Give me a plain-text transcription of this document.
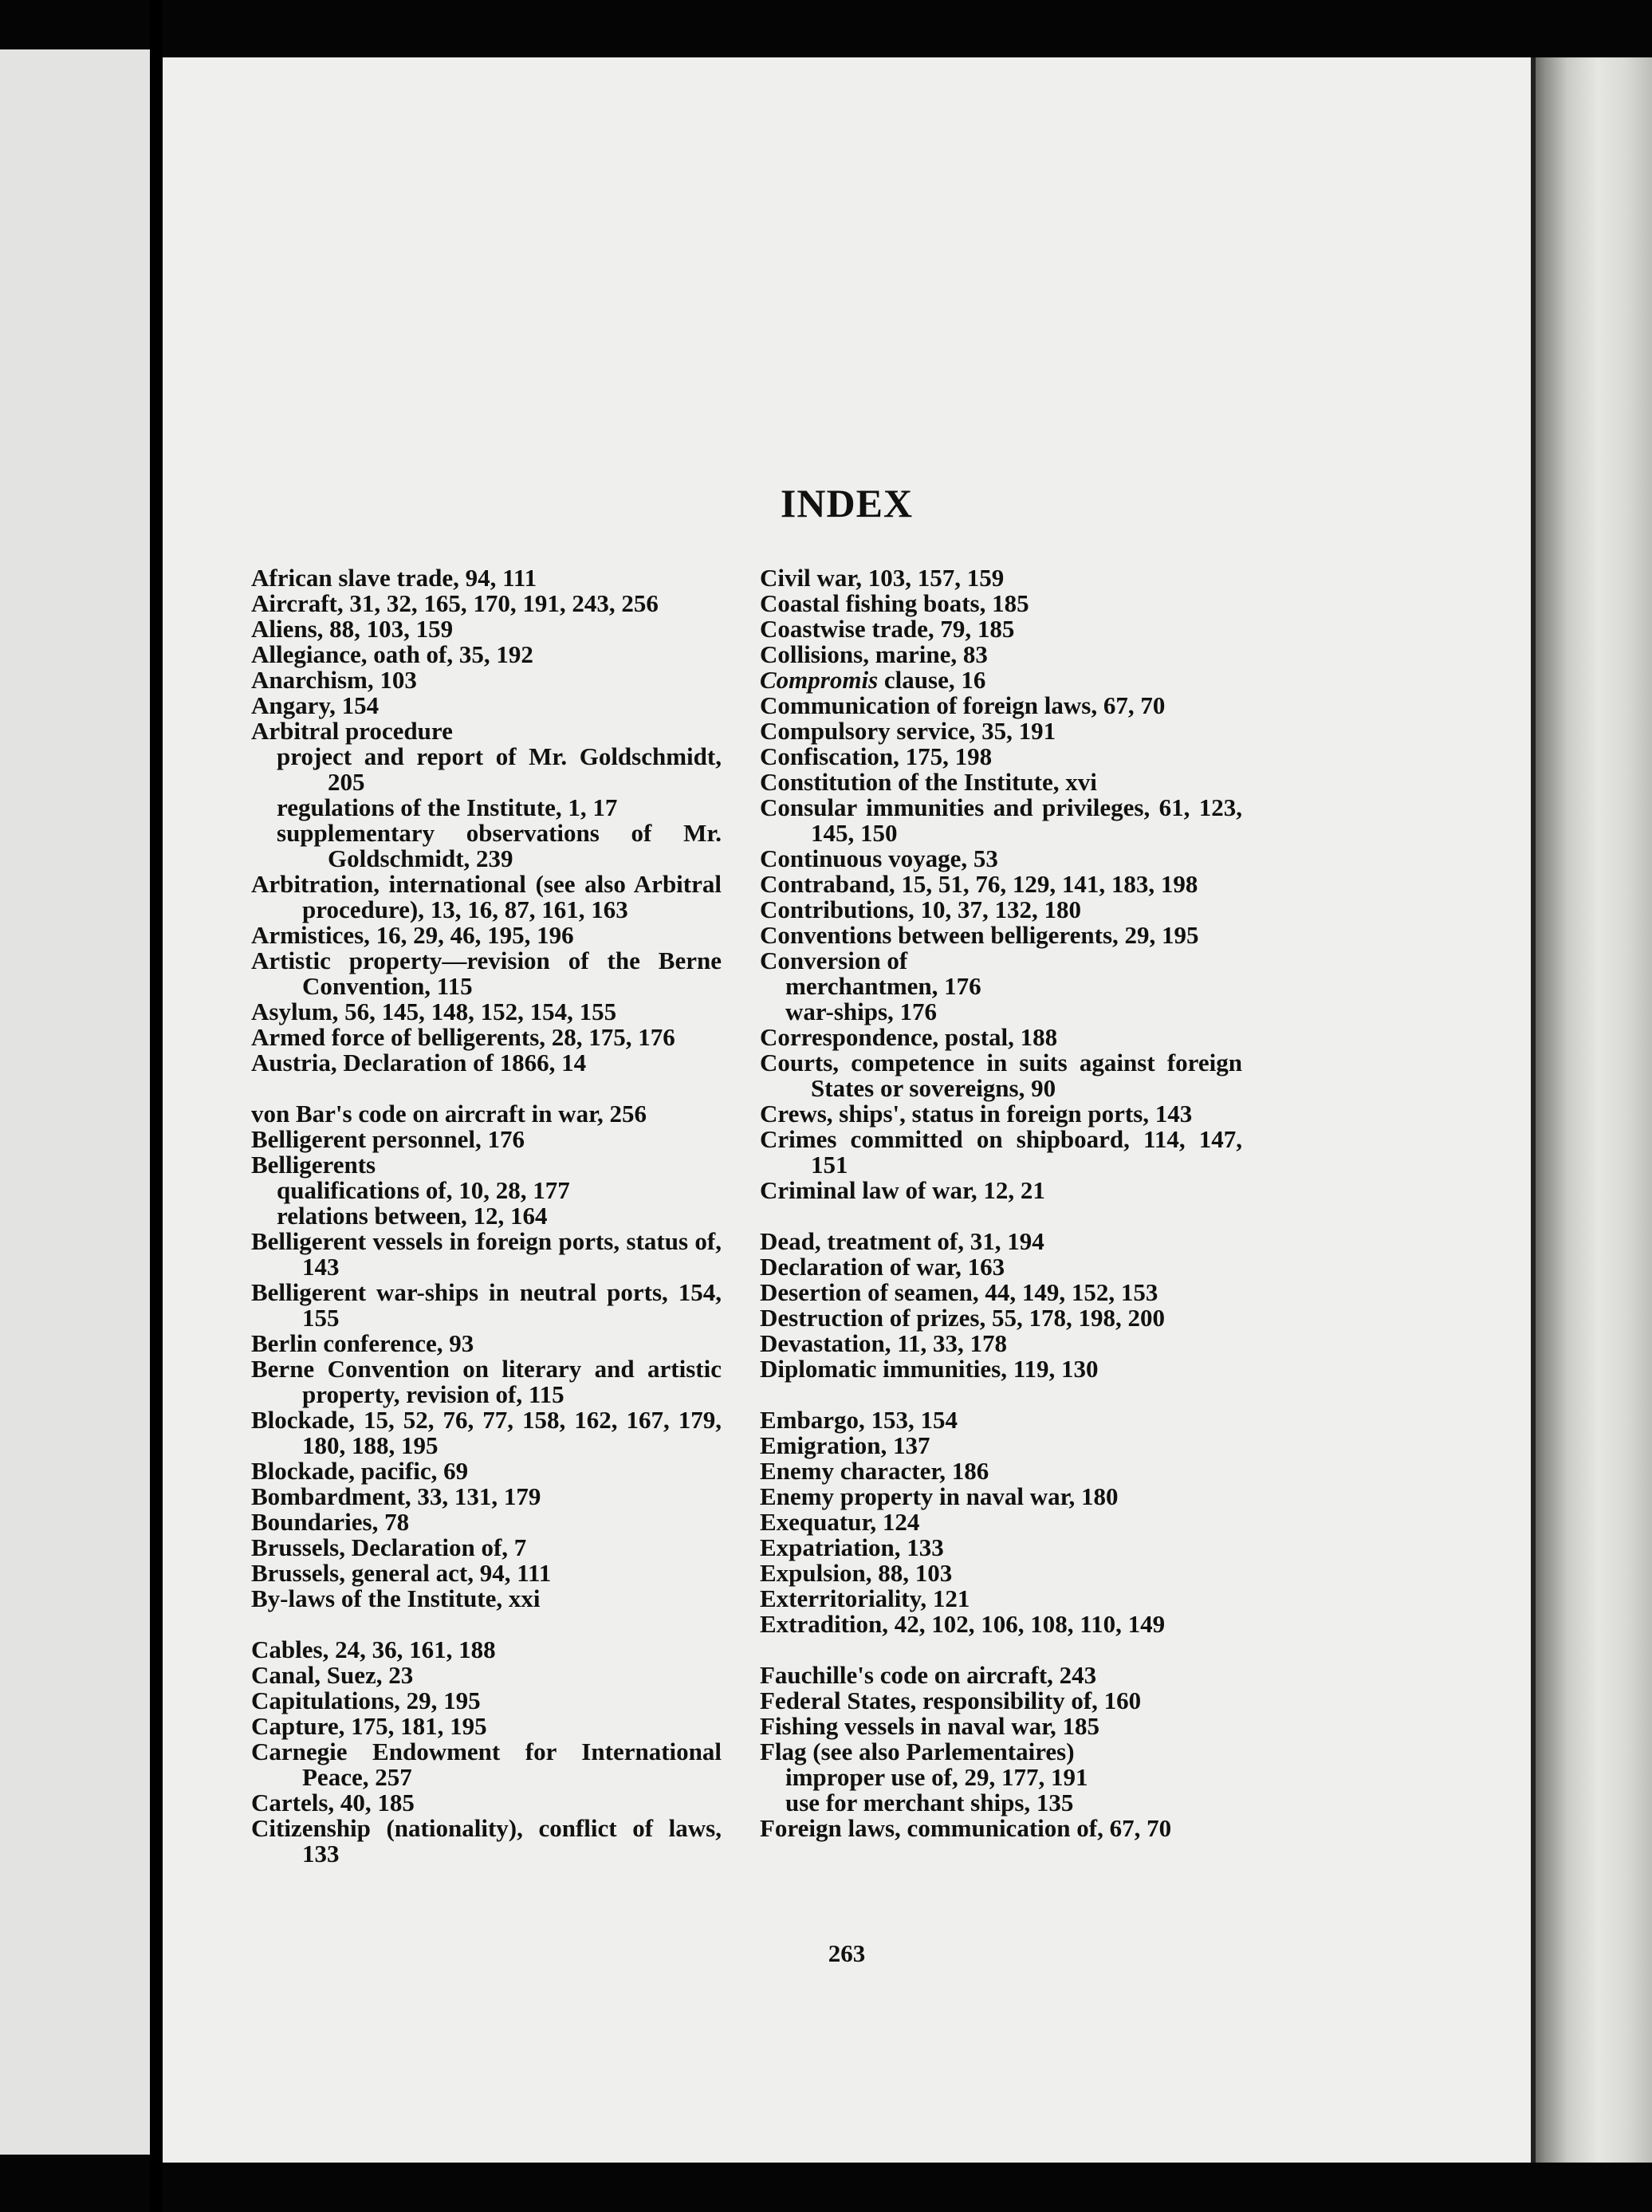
INDEX
African slave trade, 94, 111
Aircraft, 31, 32, 165, 170, 191, 243, 256
Aliens, 88, 103, 159
Allegiance, oath of, 35, 192
Anarchism, 103
Angary, 154
Arbitral procedure
project and report of Mr. Goldschmidt, 205
regulations of the Institute, 1, 17
supplementary observations of Mr. Goldschmidt, 239
Arbitration, international (see also Arbitral procedure), 13, 16, 87, 161, 163
Armistices, 16, 29, 46, 195, 196
Artistic property—revision of the Berne Convention, 115
Asylum, 56, 145, 148, 152, 154, 155
Armed force of belligerents, 28, 175, 176
Austria, Declaration of 1866, 14
von Bar's code on aircraft in war, 256
Belligerent personnel, 176
Belligerents
qualifications of, 10, 28, 177
relations between, 12, 164
Belligerent vessels in foreign ports, status of, 143
Belligerent war-ships in neutral ports, 154, 155
Berlin conference, 93
Berne Convention on literary and artistic property, revision of, 115
Blockade, 15, 52, 76, 77, 158, 162, 167, 179, 180, 188, 195
Blockade, pacific, 69
Bombardment, 33, 131, 179
Boundaries, 78
Brussels, Declaration of, 7
Brussels, general act, 94, 111
By-laws of the Institute, xxi
Cables, 24, 36, 161, 188
Canal, Suez, 23
Capitulations, 29, 195
Capture, 175, 181, 195
Carnegie Endowment for International Peace, 257
Cartels, 40, 185
Citizenship (nationality), conflict of laws, 133
Civil war, 103, 157, 159
Coastal fishing boats, 185
Coastwise trade, 79, 185
Collisions, marine, 83
Compromis clause, 16
Communication of foreign laws, 67, 70
Compulsory service, 35, 191
Confiscation, 175, 198
Constitution of the Institute, xvi
Consular immunities and privileges, 61, 123, 145, 150
Continuous voyage, 53
Contraband, 15, 51, 76, 129, 141, 183, 198
Contributions, 10, 37, 132, 180
Conventions between belligerents, 29, 195
Conversion of
merchantmen, 176
war-ships, 176
Correspondence, postal, 188
Courts, competence in suits against foreign States or sovereigns, 90
Crews, ships', status in foreign ports, 143
Crimes committed on shipboard, 114, 147, 151
Criminal law of war, 12, 21
Dead, treatment of, 31, 194
Declaration of war, 163
Desertion of seamen, 44, 149, 152, 153
Destruction of prizes, 55, 178, 198, 200
Devastation, 11, 33, 178
Diplomatic immunities, 119, 130
Embargo, 153, 154
Emigration, 137
Enemy character, 186
Enemy property in naval war, 180
Exequatur, 124
Expatriation, 133
Expulsion, 88, 103
Exterritoriality, 121
Extradition, 42, 102, 106, 108, 110, 149
Fauchille's code on aircraft, 243
Federal States, responsibility of, 160
Fishing vessels in naval war, 185
Flag (see also Parlementaires)
improper use of, 29, 177, 191
use for merchant ships, 135
Foreign laws, communication of, 67, 70
263
